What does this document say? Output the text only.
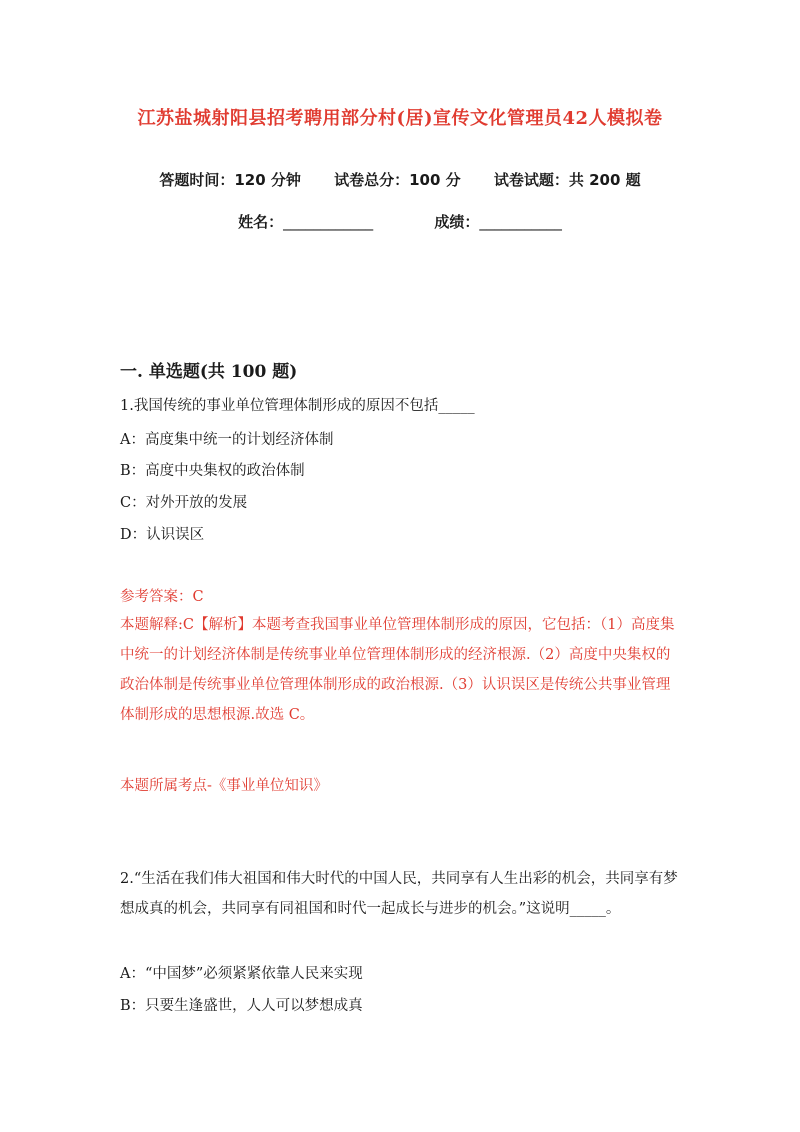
江苏盐城射阳县招考聘用部分村(居)宣传文化管理员42人模拟卷
答题时间：120 分钟 试卷总分：100 分 试卷试题：共 200 题
姓名：____________	成绩：___________
一. 单选题(共 100 题)
1.我国传统的事业单位管理体制形成的原因不包括_____
A：高度集中统一的计划经济体制
B：高度中央集权的政治体制
C：对外开放的发展
D：认识误区
参考答案：C
本题解释:C【解析】本题考查我国事业单位管理体制形成的原因，它包括：（1）高度集中统一的计划经济体制是传统事业单位管理体制形成的经济根源.（2）高度中央集权的政治体制是传统事业单位管理体制形成的政治根源.（3）认识误区是传统公共事业管理体制形成的思想根源.故选 C。
本题所属考点-《事业单位知识》
2.“生活在我们伟大祖国和伟大时代的中国人民，共同享有人生出彩的机会，共同享有梦想成真的机会，共同享有同祖国和时代一起成长与进步的机会。”这说明_____。
A：“中国梦”必须紧紧依靠人民来实现
B：只要生逢盛世，人人可以梦想成真
